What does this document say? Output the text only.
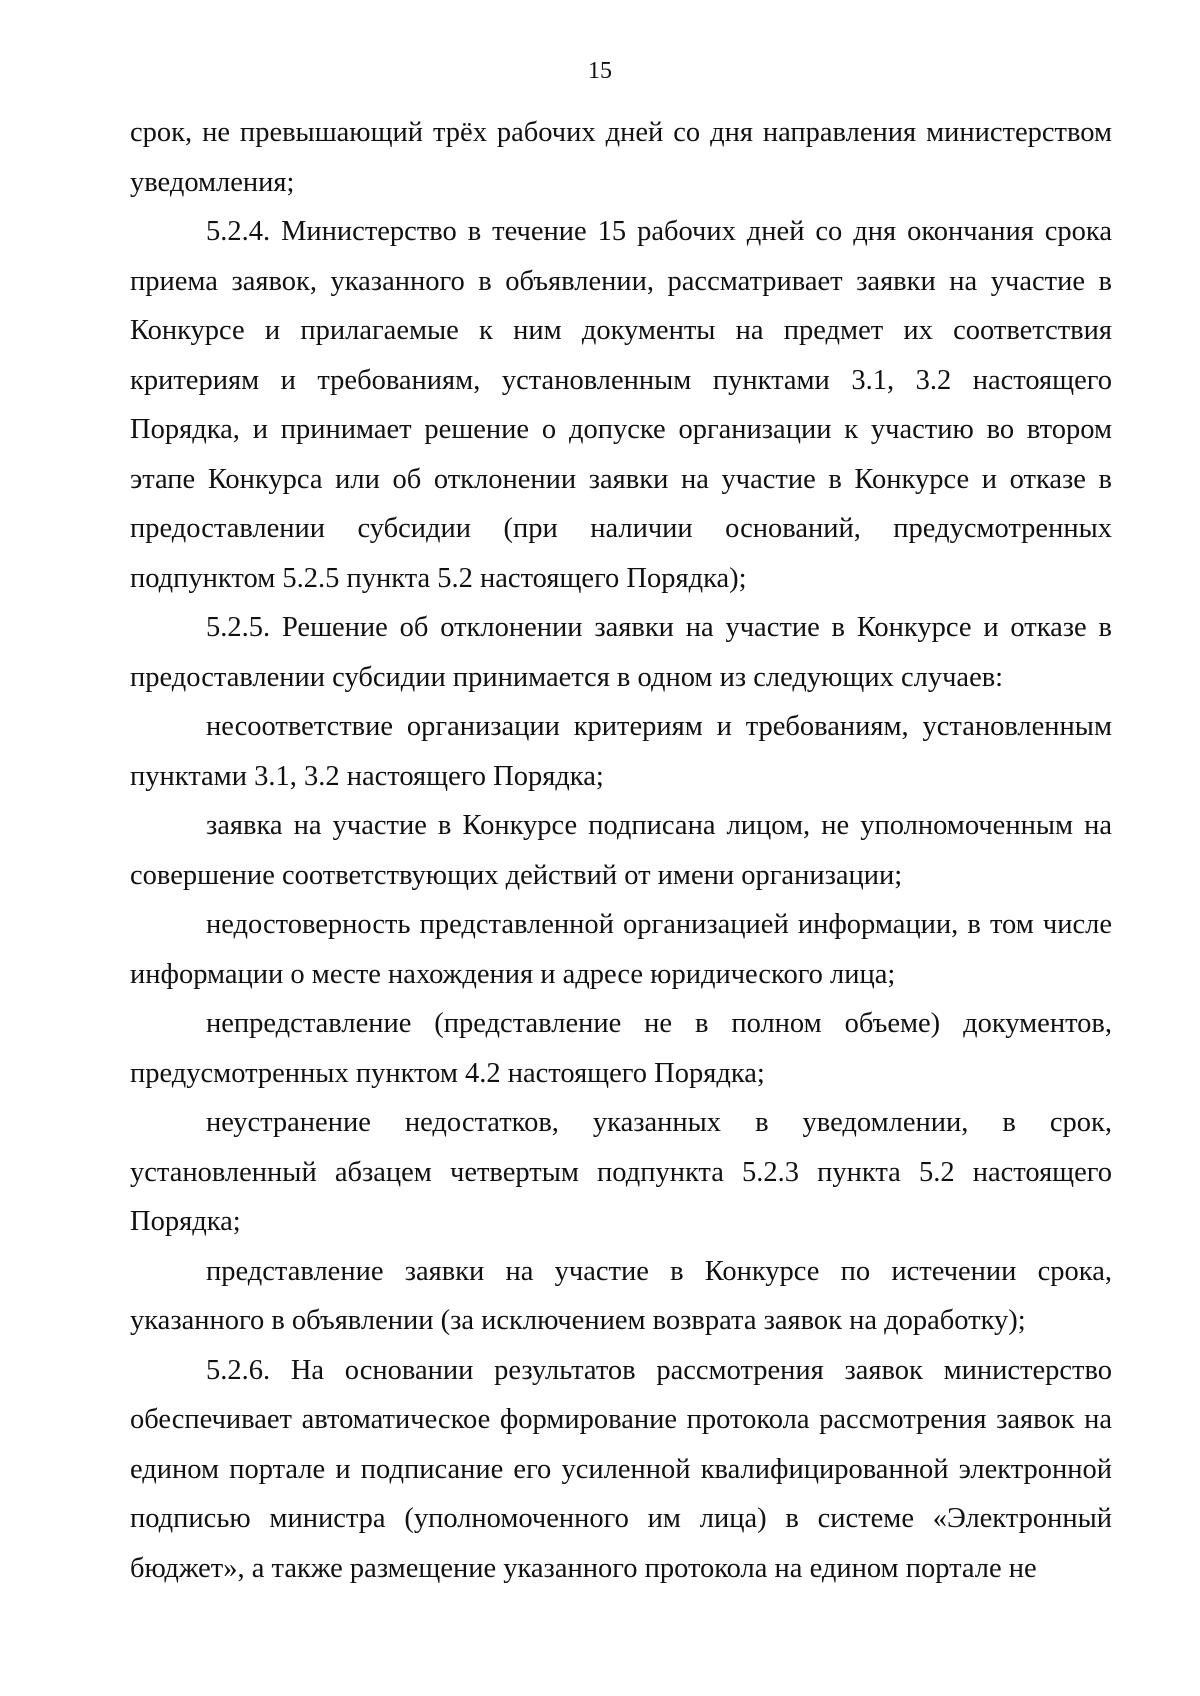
15

срок, не превышающий трёх рабочих дней со дня направления министерством уведомления;

5.2.4. Министерство в течение 15 рабочих дней со дня окончания срока приема заявок, указанного в объявлении, рассматривает заявки на участие в Конкурсе и прилагаемые к ним документы на предмет их соответствия критериям и требованиям, установленным пунктами 3.1, 3.2 настоящего Порядка, и принимает решение о допуске организации к участию во втором этапе Конкурса или об отклонении заявки на участие в Конкурсе и отказе в предоставлении субсидии (при наличии оснований, предусмотренных подпунктом 5.2.5 пункта 5.2 настоящего Порядка);

5.2.5. Решение об отклонении заявки на участие в Конкурсе и отказе в предоставлении субсидии принимается в одном из следующих случаев:

несоответствие организации критериям и требованиям, установленным пунктами 3.1, 3.2 настоящего Порядка;

заявка на участие в Конкурсе подписана лицом, не уполномоченным на совершение соответствующих действий от имени организации;

недостоверность представленной организацией информации, в том числе информации о месте нахождения и адресе юридического лица;

непредставление (представление не в полном объеме) документов, предусмотренных пунктом 4.2 настоящего Порядка;

неустранение недостатков, указанных в уведомлении, в срок, установленный абзацем четвертым подпункта 5.2.3 пункта 5.2 настоящего Порядка;

представление заявки на участие в Конкурсе по истечении срока, указанного в объявлении (за исключением возврата заявок на доработку);

5.2.6. На основании результатов рассмотрения заявок министерство обеспечивает автоматическое формирование протокола рассмотрения заявок на едином портале и подписание его усиленной квалифицированной электронной подписью министра (уполномоченного им лица) в системе «Электронный бюджет», а также размещение указанного протокола на едином портале не
